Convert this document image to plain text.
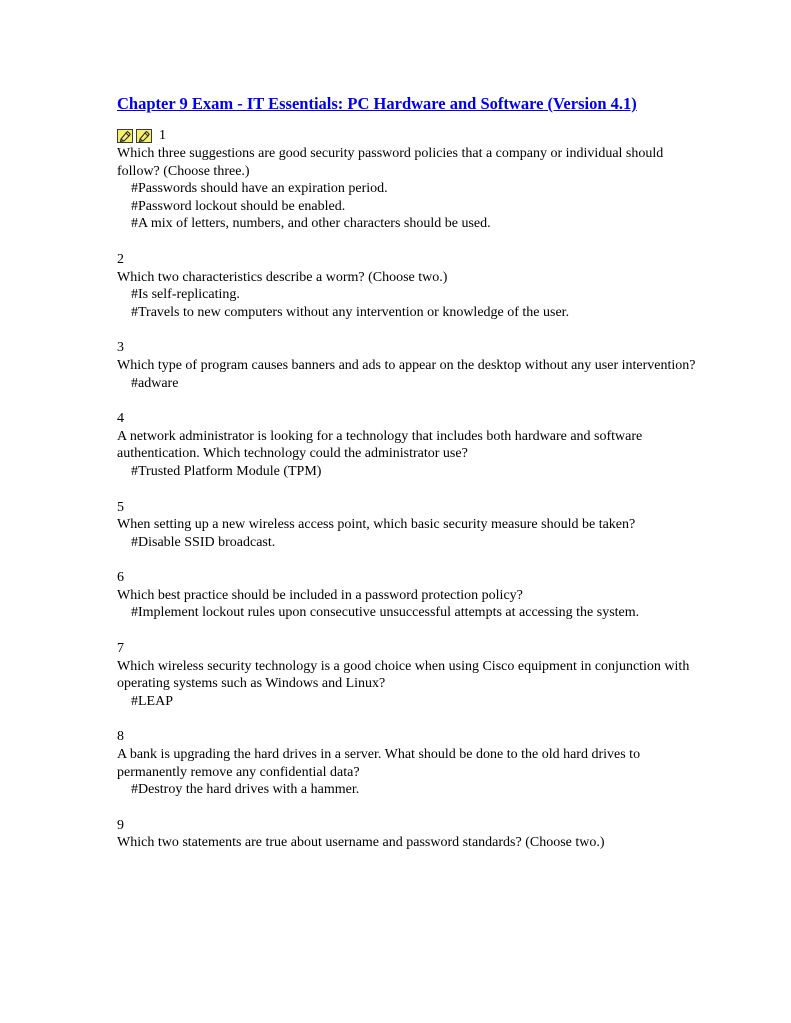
Chapter 9 Exam - IT Essentials: PC Hardware and Software (Version 4.1)
1

Which three suggestions are good security password policies that a company or individual should follow? (Choose three.)

#Passwords should have an expiration period.

#Password lockout should be enabled.

#A mix of letters, numbers, and other characters should be used.

2

Which two characteristics describe a worm? (Choose two.)

#Is self-replicating.

#Travels to new computers without any intervention or knowledge of the user.

3

Which type of program causes banners and ads to appear on the desktop without any user intervention?

#adware

4

A network administrator is looking for a technology that includes both hardware and software authentication. Which technology could the administrator use?

#Trusted Platform Module (TPM)

5

When setting up a new wireless access point, which basic security measure should be taken?

#Disable SSID broadcast.

6

Which best practice should be included in a password protection policy?

#Implement lockout rules upon consecutive unsuccessful attempts at accessing the system.

7

Which wireless security technology is a good choice when using Cisco equipment in conjunction with operating systems such as Windows and Linux?

#LEAP

8

A bank is upgrading the hard drives in a server. What should be done to the old hard drives to permanently remove any confidential data?

#Destroy the hard drives with a hammer.

9

Which two statements are true about username and password standards? (Choose two.)
